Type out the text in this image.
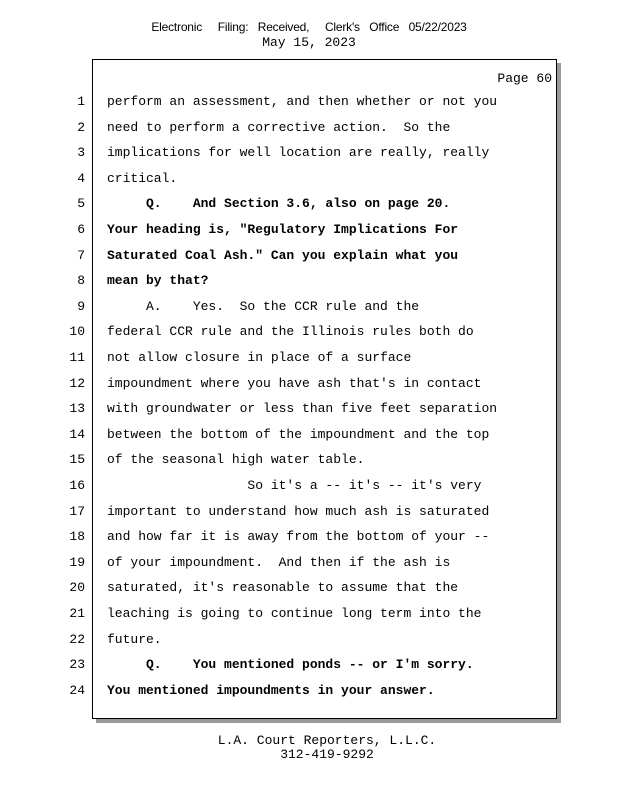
Electronic     Filing:   Received,     Clerk's   Office   05/22/2023
May 15, 2023
Page 60
1 perform an assessment, and then whether or not you
2 need to perform a corrective action.  So the
3 implications for well location are really, really
4 critical.
5 Q.    And Section 3.6, also on page 20.
6 Your heading is, "Regulatory Implications For
7 Saturated Coal Ash." Can you explain what you
8 mean by that?
9 A.    Yes.  So the CCR rule and the
10 federal CCR rule and the Illinois rules both do
11 not allow closure in place of a surface
12 impoundment where you have ash that's in contact
13 with groundwater or less than five feet separation
14 between the bottom of the impoundment and the top
15 of the seasonal high water table.
16 So it's a -- it's -- it's very
17 important to understand how much ash is saturated
18 and how far it is away from the bottom of your --
19 of your impoundment.  And then if the ash is
20 saturated, it's reasonable to assume that the
21 leaching is going to continue long term into the
22 future.
23 Q.    You mentioned ponds -- or I'm sorry.
24 You mentioned impoundments in your answer.
L.A. Court Reporters, L.L.C.
312-419-9292
